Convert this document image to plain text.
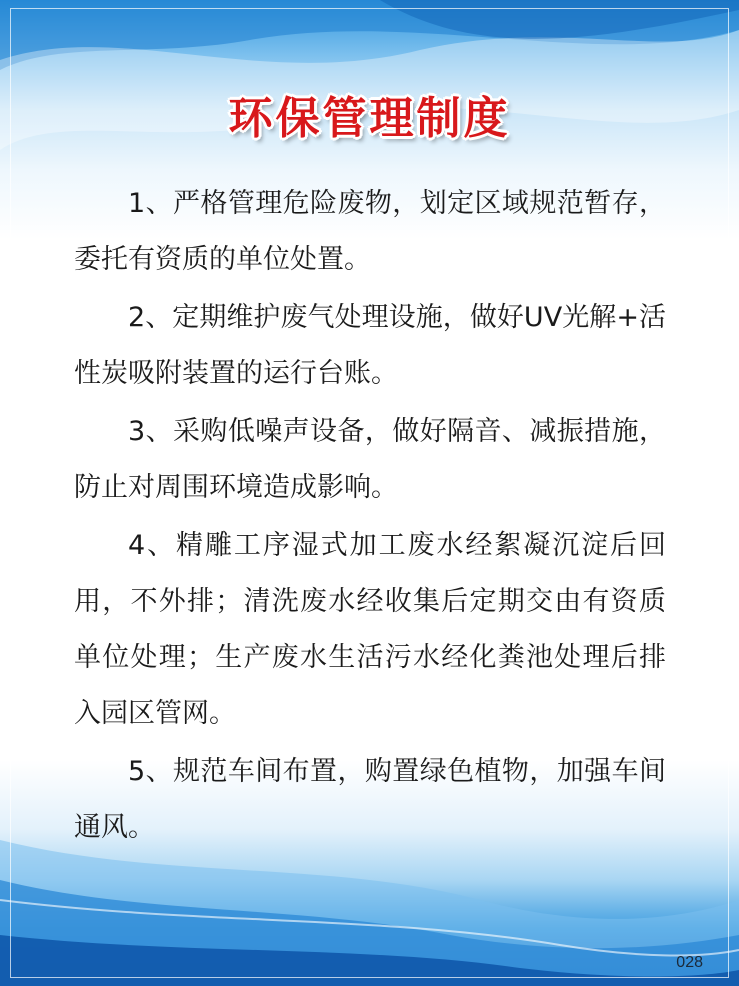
环保管理制度
1、严格管理危险废物，划定区域规范暂存，委托有资质的单位处置。
2、定期维护废气处理设施，做好UV光解+活性炭吸附装置的运行台账。
3、采购低噪声设备，做好隔音、减振措施，防止对周围环境造成影响。
4、精雕工序湿式加工废水经絮凝沉淀后回用，不外排；清洗废水经收集后定期交由有资质单位处理；生产废水生活污水经化粪池处理后排入园区管网。
5、规范车间布置，购置绿色植物，加强车间通风。
028
